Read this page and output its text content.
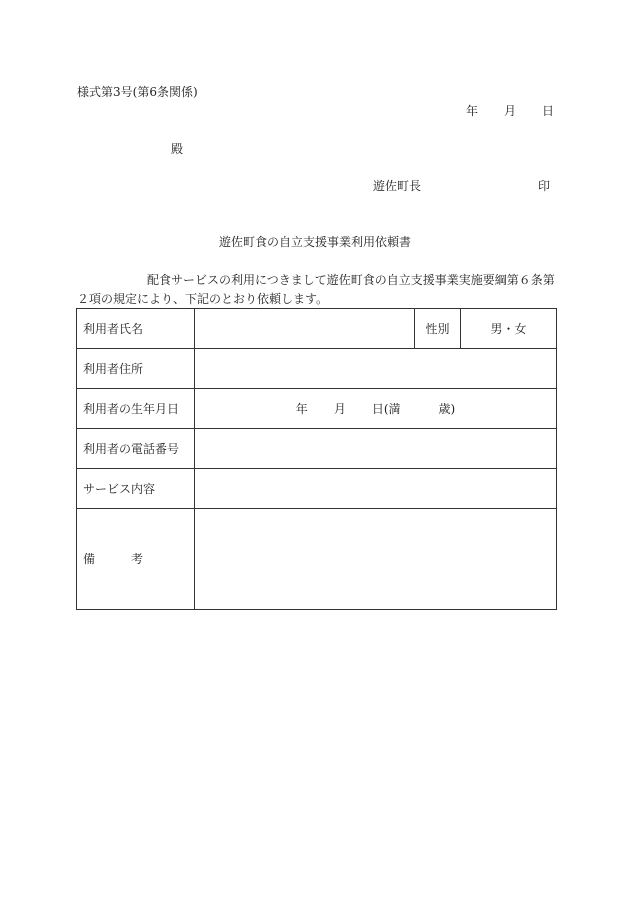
様式第3号(第6条関係)
年 月 日
殿
遊佐町長	印
遊佐町食の自立支援事業利用依頼書
配食サービスの利用につきまして遊佐町食の自立支援事業実施要綱第６条第２項の規定により、下記のとおり依頼します。
利用者氏名		性別	男・女
利用者住所			
利用者の生年月日	年 月 日(満 歳)		

利用者の電話番号			
サービス内容			
備　　　考			
